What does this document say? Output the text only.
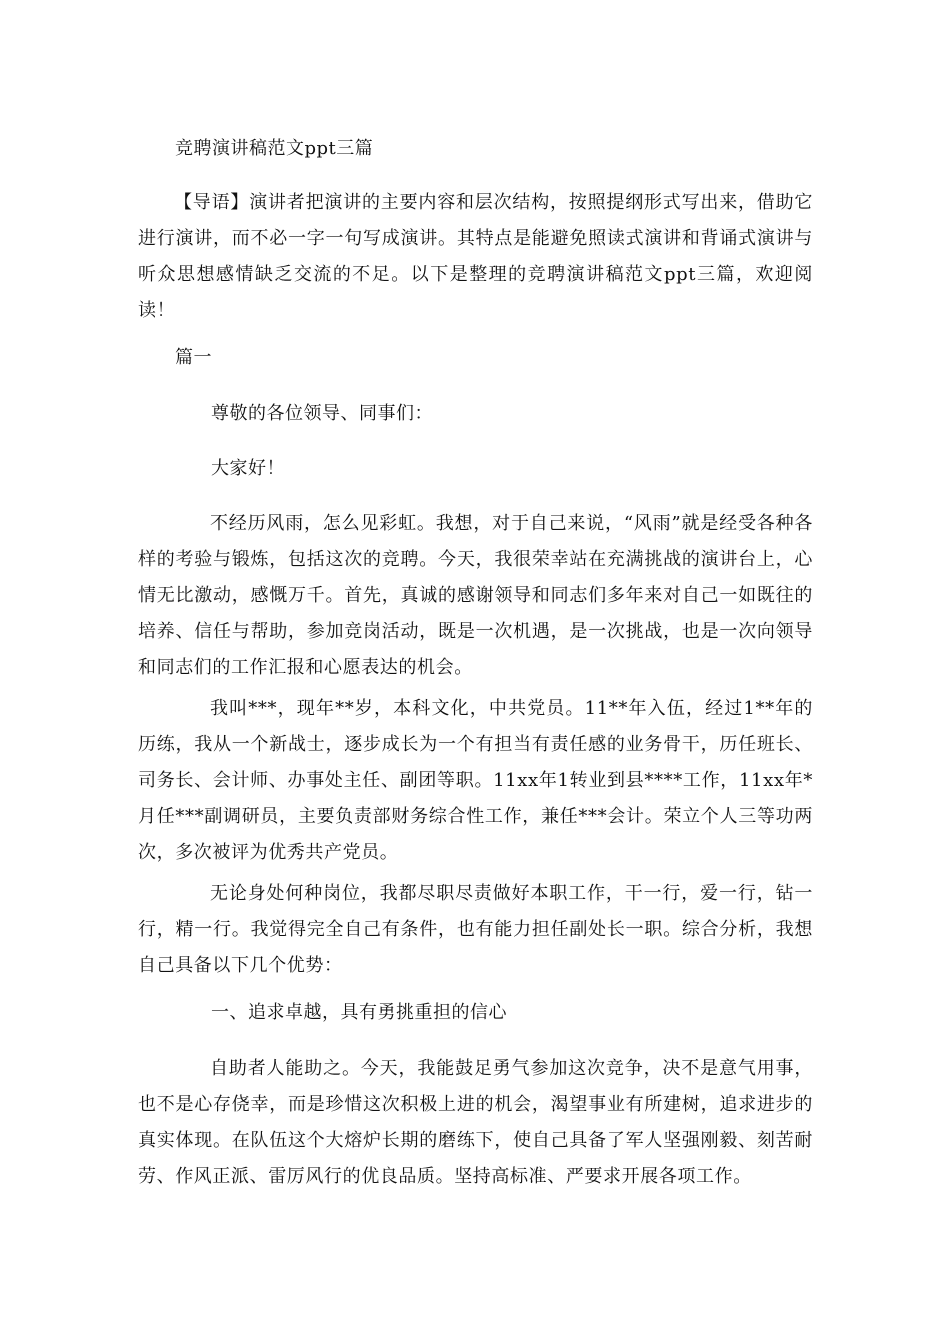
竞聘演讲稿范文ppt三篇

【导语】演讲者把演讲的主要内容和层次结构，按照提纲形式写出来，借助它进行演讲，而不必一字一句写成演讲。其特点是能避免照读式演讲和背诵式演讲与听众思想感情缺乏交流的不足。以下是整理的竞聘演讲稿范文ppt三篇，欢迎阅读！

篇一

尊敬的各位领导、同事们：

大家好！

不经历风雨，怎么见彩虹。我想，对于自己来说，“风雨”就是经受各种各样的考验与锻炼，包括这次的竞聘。今天，我很荣幸站在充满挑战的演讲台上，心情无比激动，感慨万千。首先，真诚的感谢领导和同志们多年来对自己一如既往的培养、信任与帮助，参加竞岗活动，既是一次机遇，是一次挑战，也是一次向领导和同志们的工作汇报和心愿表达的机会。

我叫***，现年**岁，本科文化，中共党员。11**年入伍，经过1**年的历练，我从一个新战士，逐步成长为一个有担当有责任感的业务骨干，历任班长、司务长、会计师、办事处主任、副团等职。11xx年1转业到县****工作，11xx年*月任***副调研员，主要负责部财务综合性工作，兼任***会计。荣立个人三等功两次，多次被评为优秀共产党员。

无论身处何种岗位，我都尽职尽责做好本职工作，干一行，爱一行，钻一行，精一行。我觉得完全自己有条件，也有能力担任副处长一职。综合分析，我想自己具备以下几个优势：

一、追求卓越，具有勇挑重担的信心

自助者人能助之。今天，我能鼓足勇气参加这次竞争，决不是意气用事，也不是心存侥幸，而是珍惜这次积极上进的机会，渴望事业有所建树，追求进步的真实体现。在队伍这个大熔炉长期的磨练下，使自己具备了军人坚强刚毅、刻苦耐劳、作风正派、雷厉风行的优良品质。坚持高标准、严要求开展各项工作。
